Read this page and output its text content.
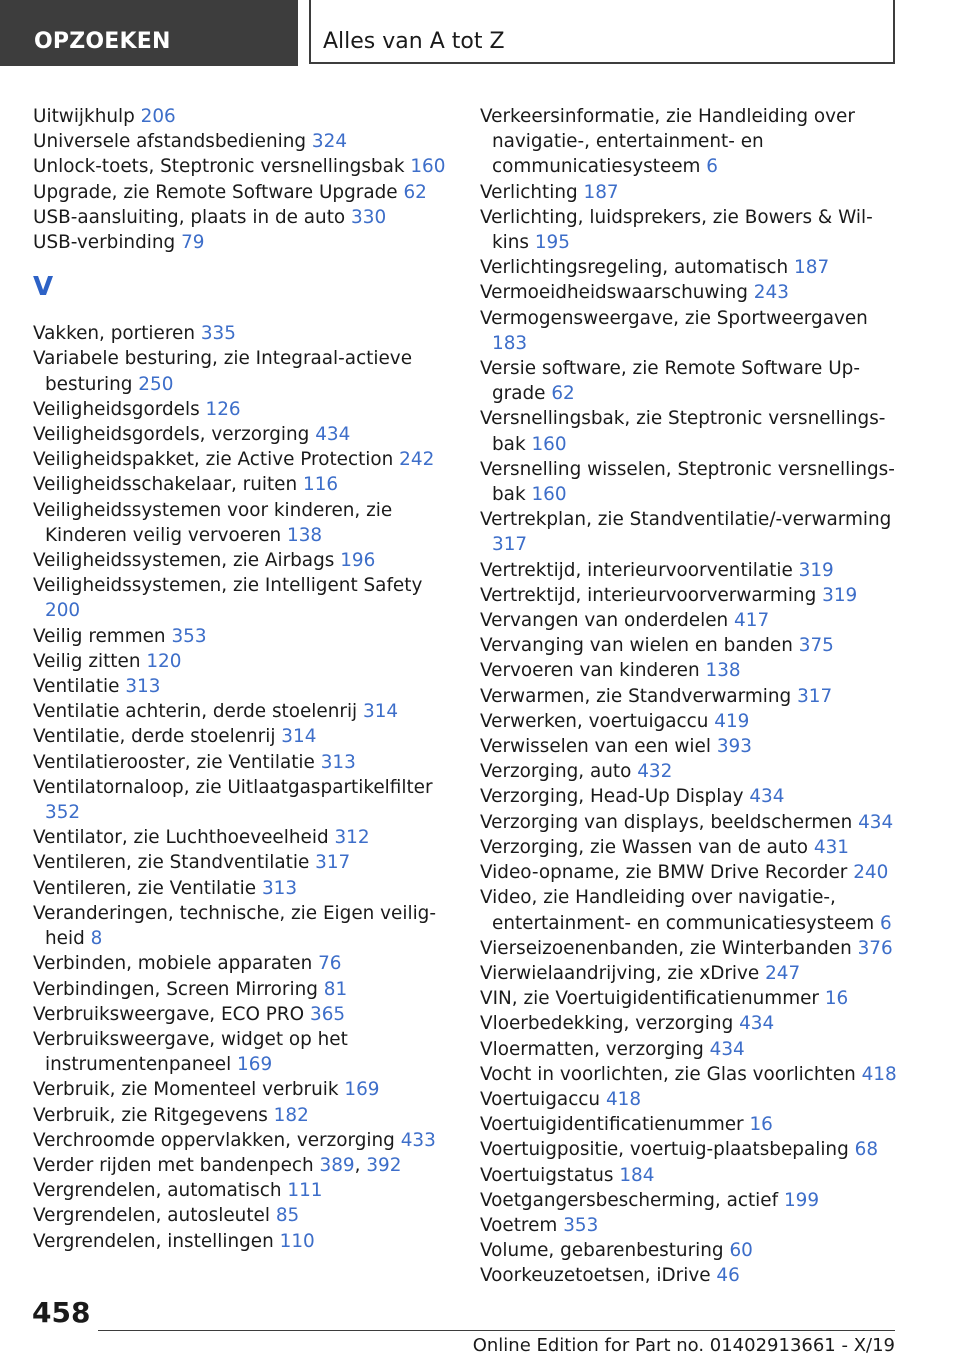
OPZOEKEN	Alles van A tot Z
Uitwijkhulp 206
Universele afstandsbediening 324
Unlock-toets, Steptronic versnellingsbak 160
Upgrade, zie Remote Software Upgrade 62
USB-aansluiting, plaats in de auto 330
USB-verbinding 79
V
Vakken, portieren 335
Variabele besturing, zie Integraal-actieve besturing 250
Veiligheidsgordels 126
Veiligheidsgordels, verzorging 434
Veiligheidspakket, zie Active Protection 242
Veiligheidsschakelaar, ruiten 116
Veiligheidssystemen voor kinderen, zie Kinderen veilig vervoeren 138
Veiligheidssystemen, zie Airbags 196
Veiligheidssystemen, zie Intelligent Safety 200
Veilig remmen 353
Veilig zitten 120
Ventilatie 313
Ventilatie achterin, derde stoelenrij 314
Ventilatie, derde stoelenrij 314
Ventilatierooster, zie Ventilatie 313
Ventilatornaloop, zie Uitlaatgaspartikelfilter 352
Ventilator, zie Luchthoeveelheid 312
Ventileren, zie Standventilatie 317
Ventileren, zie Ventilatie 313
Veranderingen, technische, zie Eigen veiligheid 8
Verbinden, mobiele apparaten 76
Verbindingen, Screen Mirroring 81
Verbruiksweergave, ECO PRO 365
Verbruiksweergave, widget op het instrumentenpaneel 169
Verbruik, zie Momenteel verbruik 169
Verbruik, zie Ritgegevens 182
Verchroomde oppervlakken, verzorging 433
Verder rijden met bandenpech 389, 392
Vergrendelen, automatisch 111
Vergrendelen, autosleutel 85
Vergrendelen, instellingen 110
Verkeersinformatie, zie Handleiding over navigatie-, entertainment- en communicatiesysteem 6
Verlichting 187
Verlichting, luidsprekers, zie Bowers & Wilkins 195
Verlichtingsregeling, automatisch 187
Vermoeidheidswaarschuwing 243
Vermogensweergave, zie Sportweergaven 183
Versie software, zie Remote Software Upgrade 62
Versnellingsbak, zie Steptronic versnellingsbak 160
Versnelling wisselen, Steptronic versnellingsbak 160
Vertrekplan, zie Standventilatie/-verwarming 317
Vertrektijd, interieurvoorventilatie 319
Vertrektijd, interieurvoorverwarming 319
Vervangen van onderdelen 417
Vervanging van wielen en banden 375
Vervoeren van kinderen 138
Verwarmen, zie Standverwarming 317
Verwerken, voertuigaccu 419
Verwisselen van een wiel 393
Verzorging, auto 432
Verzorging, Head-Up Display 434
Verzorging van displays, beeldschermen 434
Verzorging, zie Wassen van de auto 431
Video-opname, zie BMW Drive Recorder 240
Video, zie Handleiding over navigatie-, entertainment- en communicatiesysteem 6
Vierseizoenenbanden, zie Winterbanden 376
Vierwielaandrijving, zie xDrive 247
VIN, zie Voertuigidentificatienummer 16
Vloerbedekking, verzorging 434
Vloermatten, verzorging 434
Vocht in voorlichten, zie Glas voorlichten 418
Voertuigaccu 418
Voertuigidentificatienummer 16
Voertuigpositie, voertuig-plaatsbepaling 68
Voertuigstatus 184
Voetgangersbescherming, actief 199
Voetrem 353
Volume, gebarenbesturing 60
Voorkeuzetoetsen, iDrive 46
458
Online Edition for Part no. 01402913661 - X/19
